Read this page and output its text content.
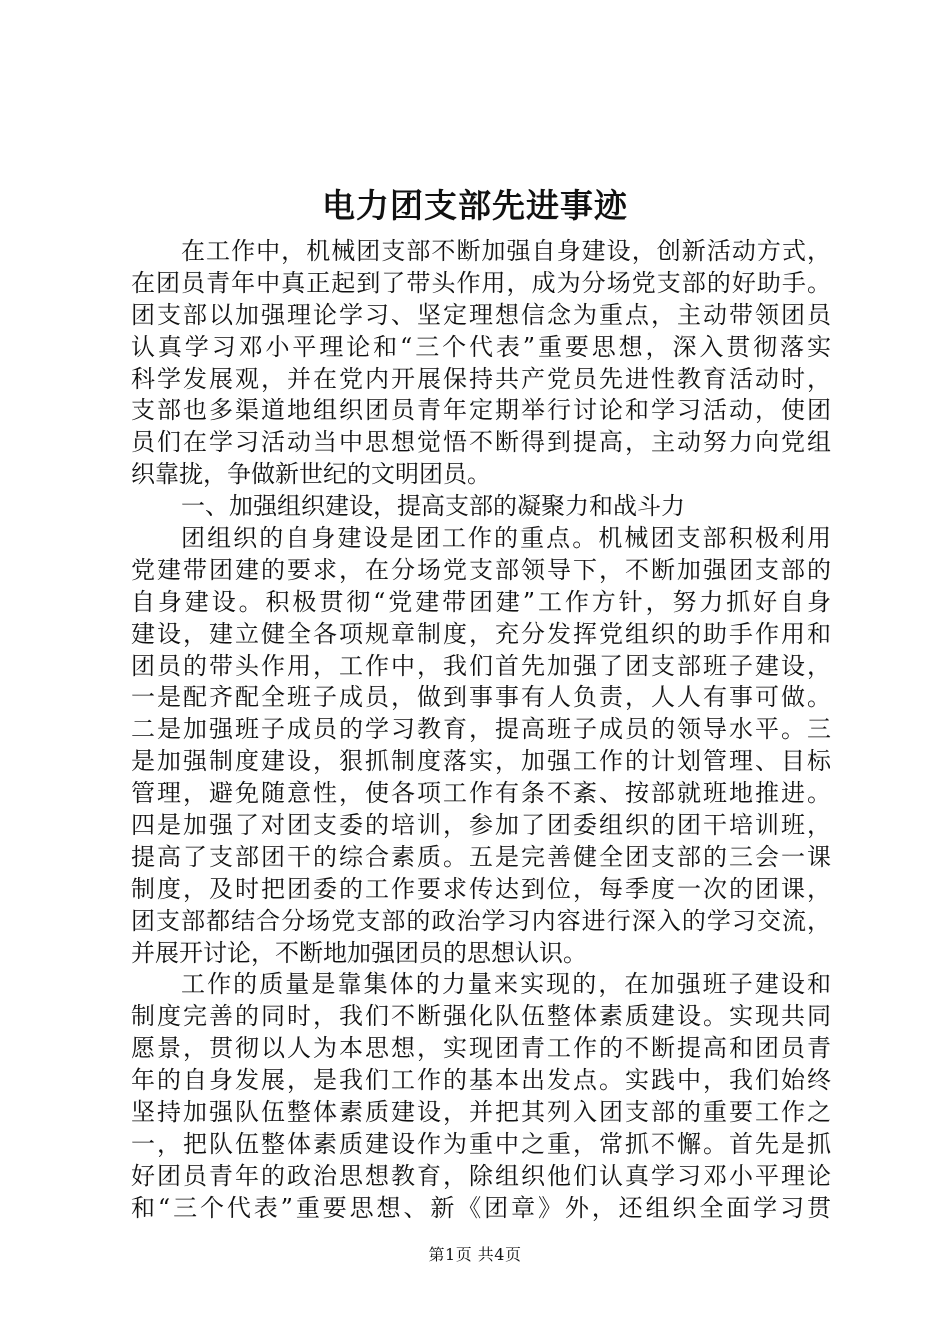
电力团支部先进事迹
在工作中，机械团支部不断加强自身建设，创新活动方式，
在团员青年中真正起到了带头作用，成为分场党支部的好助手。
团支部以加强理论学习、坚定理想信念为重点，主动带领团员
认真学习邓小平理论和“三个代表”重要思想，深入贯彻落实
科学发展观，并在党内开展保持共产党员先进性教育活动时，
支部也多渠道地组织团员青年定期举行讨论和学习活动，使团
员们在学习活动当中思想觉悟不断得到提高，主动努力向党组
织靠拢，争做新世纪的文明团员。
一、加强组织建设，提高支部的凝聚力和战斗力
团组织的自身建设是团工作的重点。机械团支部积极利用
党建带团建的要求，在分场党支部领导下，不断加强团支部的
自身建设。积极贯彻“党建带团建”工作方针，努力抓好自身
建设，建立健全各项规章制度，充分发挥党组织的助手作用和
团员的带头作用，工作中，我们首先加强了团支部班子建设，
一是配齐配全班子成员，做到事事有人负责，人人有事可做。
二是加强班子成员的学习教育，提高班子成员的领导水平。三
是加强制度建设，狠抓制度落实，加强工作的计划管理、目标
管理，避免随意性，使各项工作有条不紊、按部就班地推进。
四是加强了对团支委的培训，参加了团委组织的团干培训班，
提高了支部团干的综合素质。五是完善健全团支部的三会一课
制度，及时把团委的工作要求传达到位，每季度一次的团课，
团支部都结合分场党支部的政治学习内容进行深入的学习交流，
并展开讨论，不断地加强团员的思想认识。
工作的质量是靠集体的力量来实现的，在加强班子建设和
制度完善的同时，我们不断强化队伍整体素质建设。实现共同
愿景，贯彻以人为本思想，实现团青工作的不断提高和团员青
年的自身发展，是我们工作的基本出发点。实践中，我们始终
坚持加强队伍整体素质建设，并把其列入团支部的重要工作之
一，把队伍整体素质建设作为重中之重，常抓不懈。首先是抓
好团员青年的政治思想教育，除组织他们认真学习邓小平理论
和“三个代表”重要思想、新《团章》外，还组织全面学习贯
第1页 共4页
